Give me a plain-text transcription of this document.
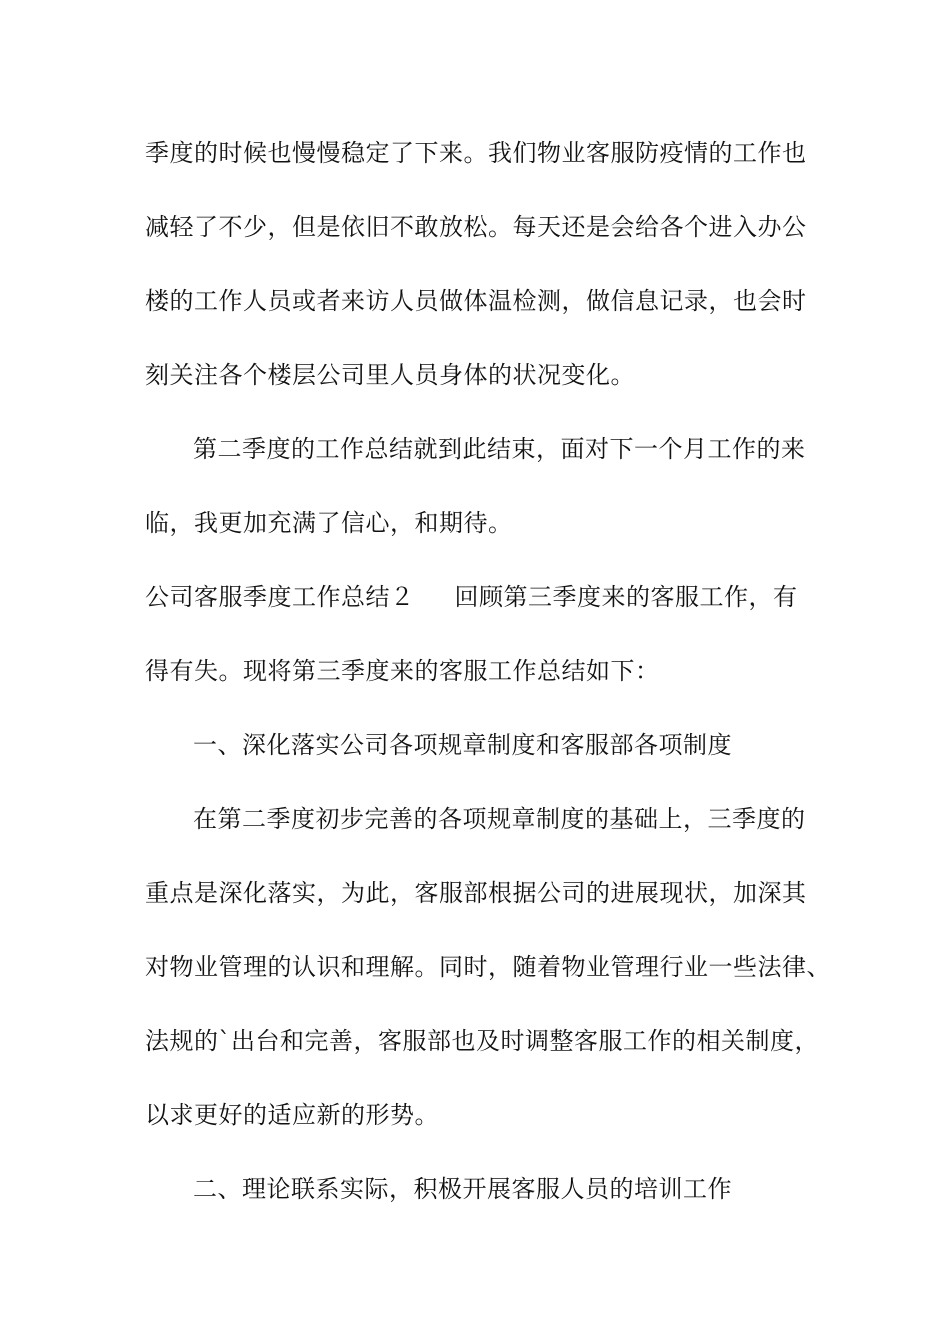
季度的时候也慢慢稳定了下来。我们物业客服防疫情的工作也
减轻了不少，但是依旧不敢放松。每天还是会给各个进入办公
楼的工作人员或者来访人员做体温检测，做信息记录，也会时
刻关注各个楼层公司里人员身体的状况变化。
第二季度的工作总结就到此结束，面对下一个月工作的来
临，我更加充满了信心，和期待。
公司客服季度工作总结２ 回顾第三季度来的客服工作，有
得有失。现将第三季度来的客服工作总结如下：
一、深化落实公司各项规章制度和客服部各项制度
在第二季度初步完善的各项规章制度的基础上，三季度的
重点是深化落实，为此，客服部根据公司的进展现状，加深其
对物业管理的认识和理解。同时，随着物业管理行业一些法律、
法规的`出台和完善，客服部也及时调整客服工作的相关制度，
以求更好的适应新的形势。
二、理论联系实际，积极开展客服人员的培训工作
